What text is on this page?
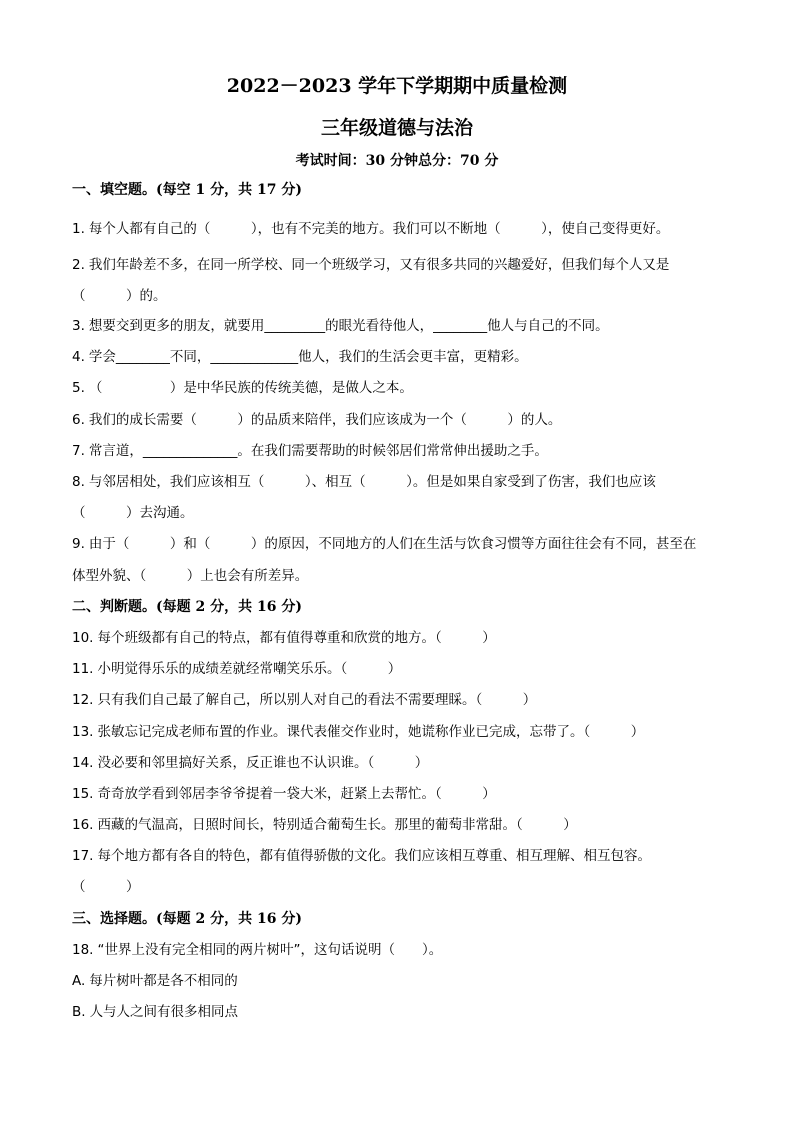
2022－2023 学年下学期期中质量检测
三年级道德与法治
考试时间：30 分钟总分：70 分
一、填空题。(每空 1 分，共 17 分)
1. 每个人都有自己的（　　　），也有不完美的地方。我们可以不断地（　　　），使自己变得更好。
2. 我们年龄差不多，在同一所学校、同一个班级学习，又有很多共同的兴趣爱好，但我们每个人又是
（　　　）的。
3. 想要交到更多的朋友，就要用_________的眼光看待他人，________他人与自己的不同。
4. 学会________不同，_____________他人，我们的生活会更丰富，更精彩。
5. （　　　　　）是中华民族的传统美德，是做人之本。
6. 我们的成长需要（　　　）的品质来陪伴，我们应该成为一个（　　　）的人。
7. 常言道，______________。在我们需要帮助的时候邻居们常常伸出援助之手。
8. 与邻居相处，我们应该相互（　　　）、相互（　　　）。但是如果自家受到了伤害，我们也应该
（　　　）去沟通。
9. 由于（　　　）和（　　　）的原因，不同地方的人们在生活与饮食习惯等方面往往会有不同，甚至在
体型外貌、（　　　）上也会有所差异。
二、判断题。(每题 2 分，共 16 分)
10. 每个班级都有自己的特点，都有值得尊重和欣赏的地方。（　　　）
11. 小明觉得乐乐的成绩差就经常嘲笑乐乐。（　　　）
12. 只有我们自己最了解自己，所以别人对自己的看法不需要理睬。（　　　）
13. 张敏忘记完成老师布置的作业。课代表催交作业时，她谎称作业已完成，忘带了。（　　　）
14. 没必要和邻里搞好关系，反正谁也不认识谁。（　　　）
15. 奇奇放学看到邻居李爷爷提着一袋大米，赶紧上去帮忙。（　　　）
16. 西藏的气温高，日照时间长，特别适合葡萄生长。那里的葡萄非常甜。（　　　）
17. 每个地方都有各自的特色，都有值得骄傲的文化。我们应该相互尊重、相互理解、相互包容。
（　　　）
三、选择题。(每题 2 分，共 16 分)
18. “世界上没有完全相同的两片树叶”，这句话说明（　　）。
A. 每片树叶都是各不相同的
B. 人与人之间有很多相同点
